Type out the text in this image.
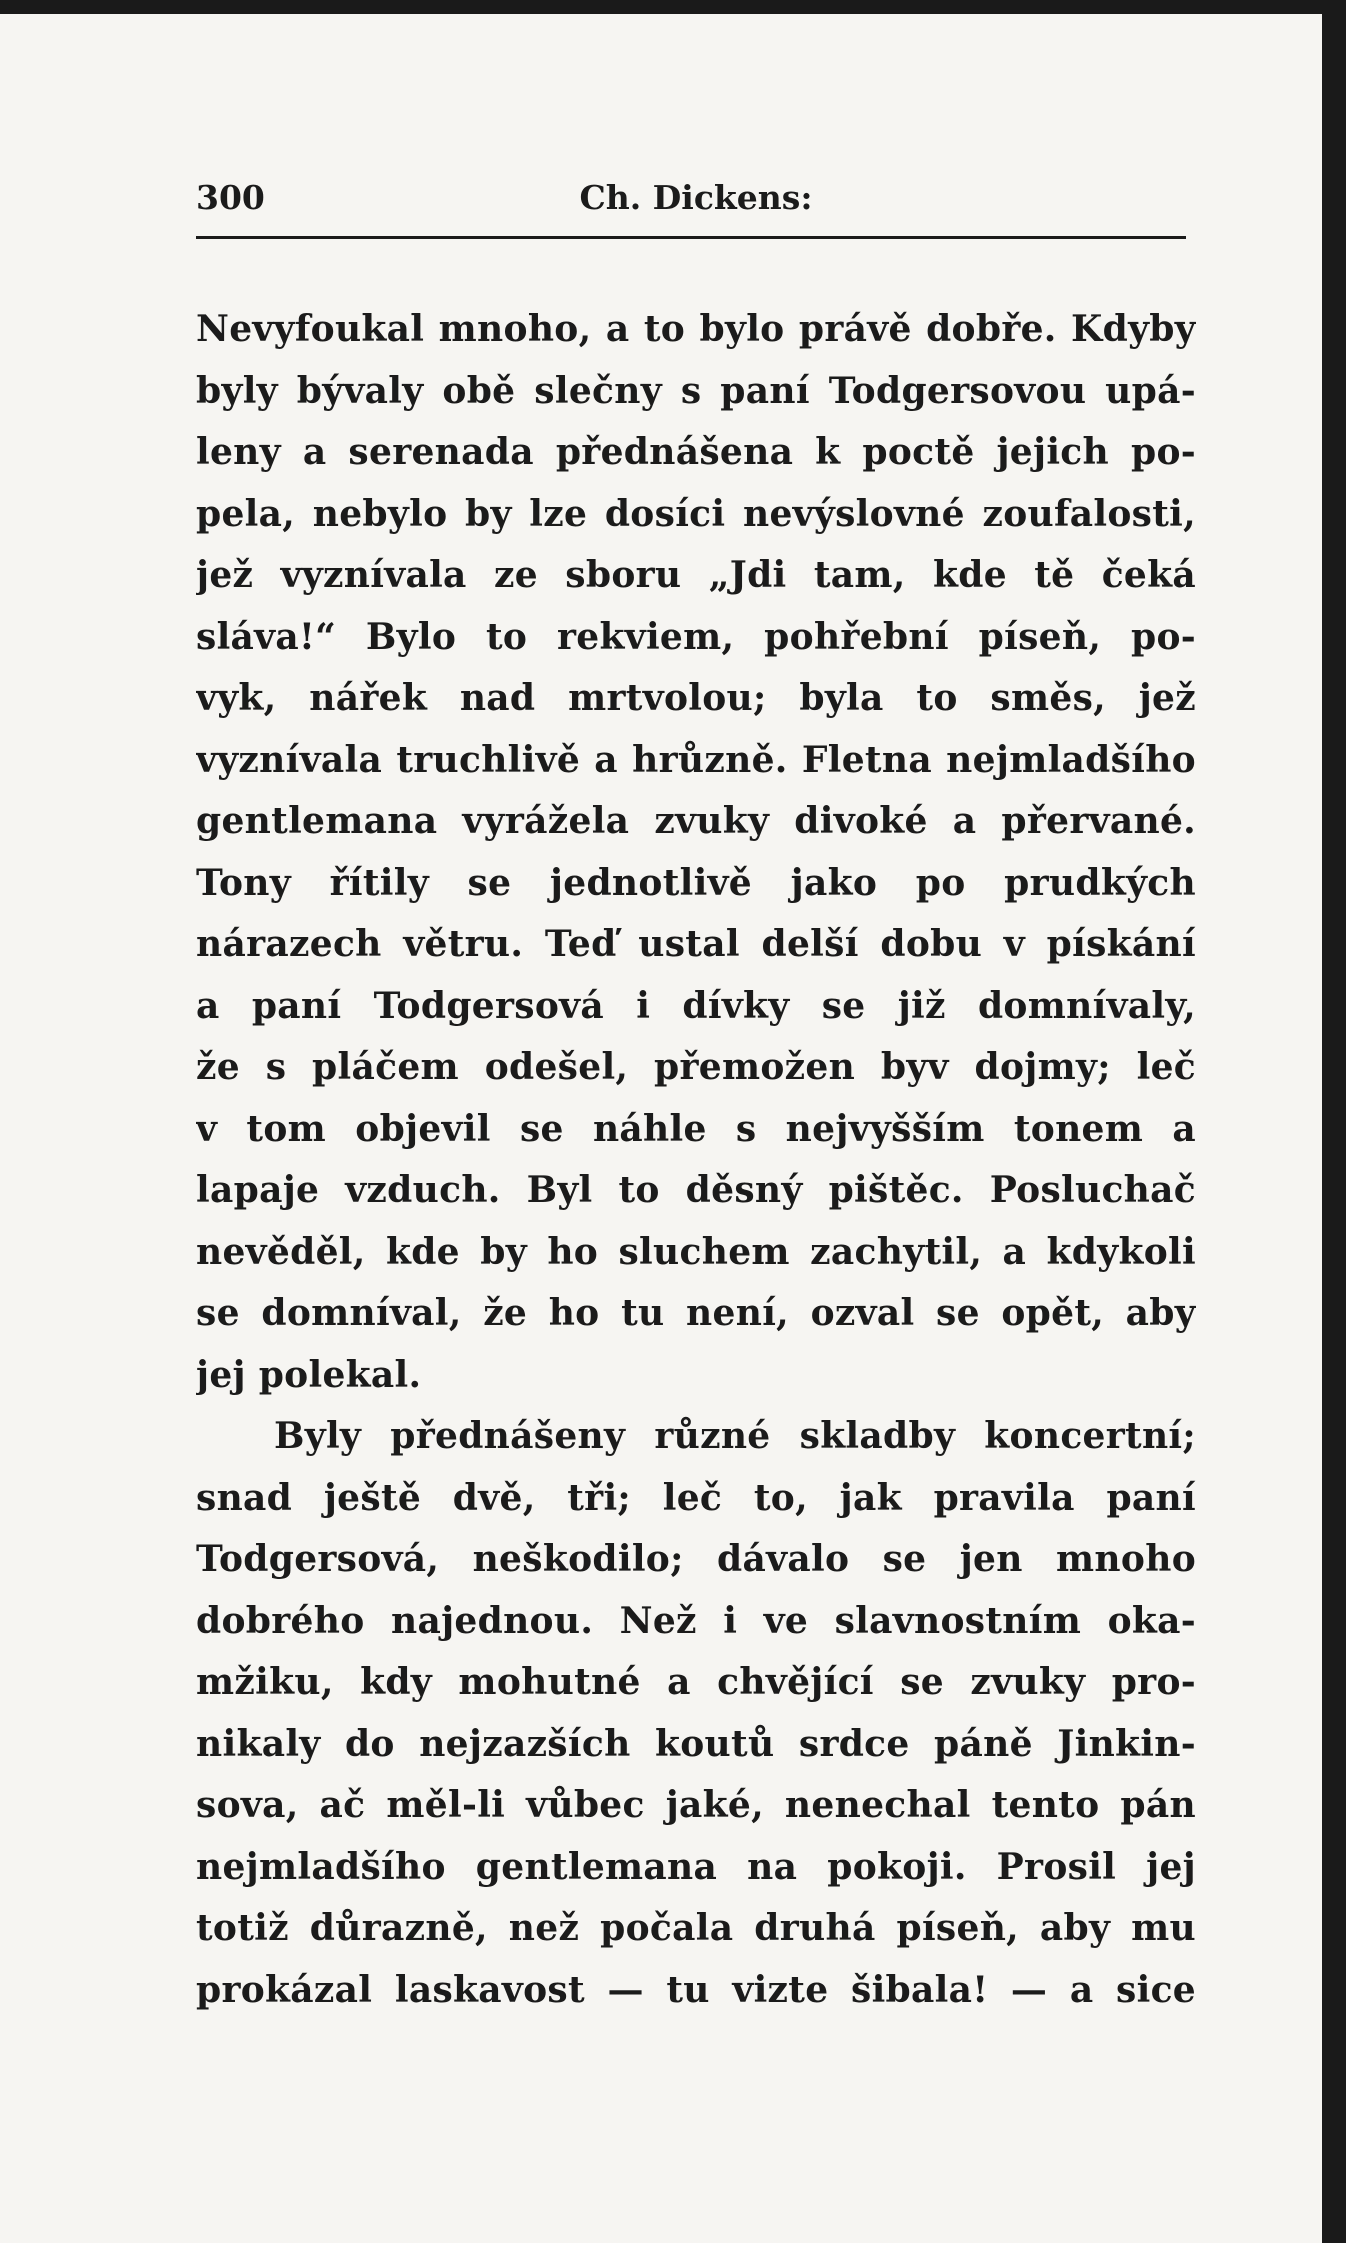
300	Ch. Dickens:
Nevyfoukal mnoho, a to bylo právě dobře. Kdyby
byly bývaly obě slečny s paní Todgersovou upá-
leny a serenada přednášena k poctě jejich po-
pela, nebylo by lze dosíci nevýslovné zoufalosti,
jež vyznívala ze sboru „Jdi tam, kde tě čeká
sláva!“ Bylo to rekviem, pohřební píseň, po-
vyk, nářek nad mrtvolou; byla to směs, jež
vyznívala truchlivě a hrůzně. Fletna nejmladšího
gentlemana vyrážela zvuky divoké a přervané.
Tony řítily se jednotlivě jako po prudkých
nárazech větru. Teď ustal delší dobu v pískání
a paní Todgersová i dívky se již domnívaly,
že s pláčem odešel, přemožen byv dojmy; leč
v tom objevil se náhle s nejvyšším tonem a
lapaje vzduch. Byl to děsný pištěc. Posluchač
nevěděl, kde by ho sluchem zachytil, a kdykoli
se domníval, že ho tu není, ozval se opět, aby
jej polekal.
Byly přednášeny různé skladby koncertní;
snad ještě dvě, tři; leč to, jak pravila paní
Todgersová, neškodilo; dávalo se jen mnoho
dobrého najednou. Než i ve slavnostním oka-
mžiku, kdy mohutné a chvějící se zvuky pro-
nikaly do nejzazších koutů srdce páně Jinkin-
sova, ač měl-li vůbec jaké, nenechal tento pán
nejmladšího gentlemana na pokoji. Prosil jej
totiž důrazně, než počala druhá píseň, aby mu
prokázal laskavost — tu vizte šibala! — a sice
